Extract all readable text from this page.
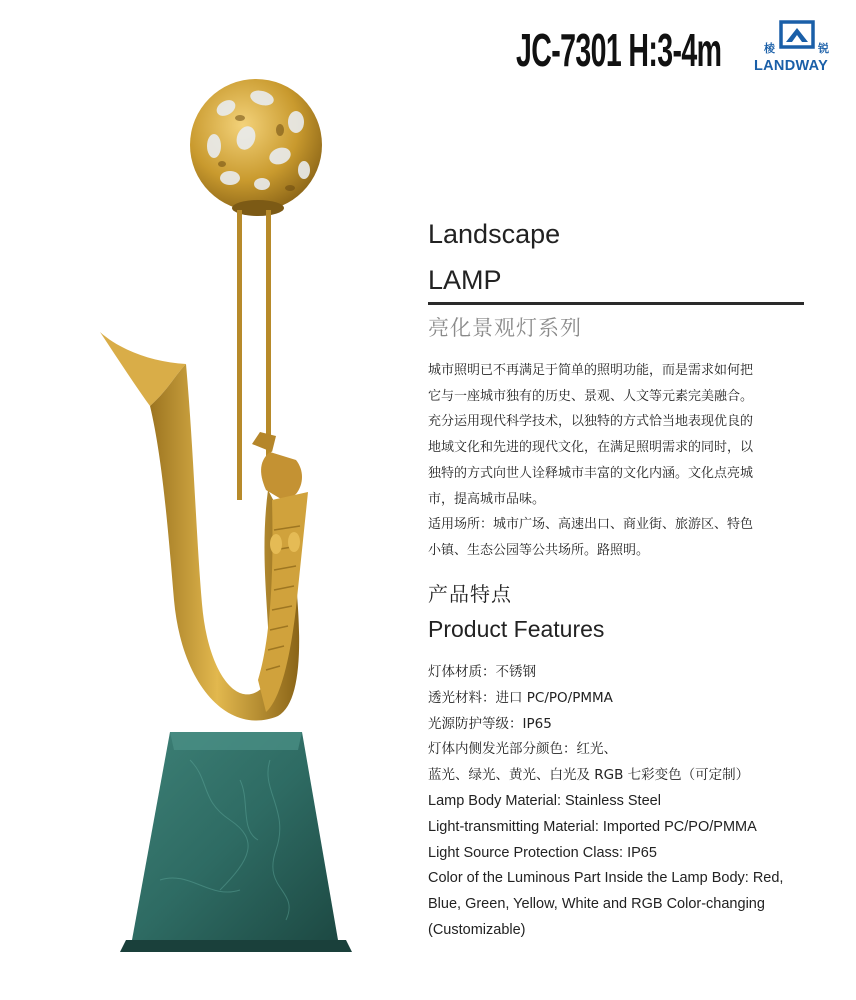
JC-7301 H:3-4m	棱	锐
LANDWAY
Landscape
LAMP
亮化景观灯系列
城市照明已不再满足于简单的照明功能，而是需求如何把
它与一座城市独有的历史、景观、人文等元素完美融合。
充分运用现代科学技术，以独特的方式恰当地表现优良的
地域文化和先进的现代文化，在满足照明需求的同时，以
独特的方式向世人诠释城市丰富的文化内涵。文化点亮城
市，提高城市品味。
适用场所：城市广场、高速出口、商业街、旅游区、特色
小镇、生态公园等公共场所。路照明。
产品特点
Product Features
灯体材质：不锈钢
透光材料：进口 PC/PO/PMMA
光源防护等级：IP65
灯体内侧发光部分颜色：红光、
蓝光、绿光、黄光、白光及 RGB 七彩变色（可定制）
Lamp Body Material: Stainless Steel
Light-transmitting Material: Imported PC/PO/PMMA
Light Source Protection Class: IP65
Color of the Luminous Part Inside the Lamp Body: Red,
Blue, Green, Yellow, White and RGB Color-changing
(Customizable)
